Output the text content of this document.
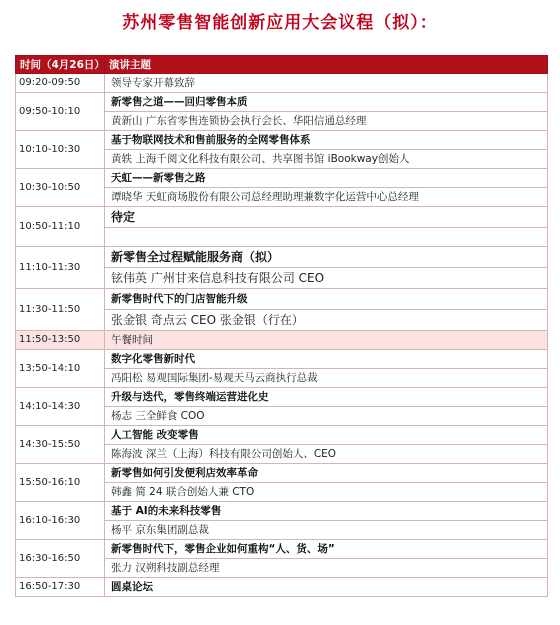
苏州零售智能创新应用大会议程（拟）：
时间（4月26日）	演讲主题
09:20-09:50	领导专家开幕致辞
09:50-10:10	新零售之道——回归零售本质
	黄新山 广东省零售连锁协会执行会长、华阳信通总经理
10:10-10:30	基于物联网技术和售前服务的全网零售体系
	黄轶 上海千阅文化科技有限公司、共享图书馆 iBookway创始人
10:30-10:50	天虹——新零售之路
	谭晓华 天虹商场股份有限公司总经理助理兼数字化运营中心总经理
10:50-11:10	待定

11:10-11:30	新零售全过程赋能服务商（拟）
	铉伟英 广州甘来信息科技有限公司 CEO
11:30-11:50	新零售时代下的门店智能升级
	张金银 奇点云 CEO 张金银（行在）
11:50-13:50	午餐时间
13:50-14:10	数字化零售新时代
	冯阳松 易观国际集团-易观天马云商执行总裁
14:10-14:30	升级与迭代，零售终端运营进化史
	杨志 三全鲜食 COO
14:30-15:50	人工智能 改变零售
	陈海波 深兰（上海）科技有限公司创始人、CEO
15:50-16:10	新零售如何引发便利店效率革命
	韩鑫 简 24 联合创始人兼 CTO
16:10-16:30	基于 AI的未来科技零售
	杨平 京东集团副总裁
16:30-16:50	新零售时代下，零售企业如何重构“人、货、场”
	张力 汉朔科技副总经理
16:50-17:30	圆桌论坛
